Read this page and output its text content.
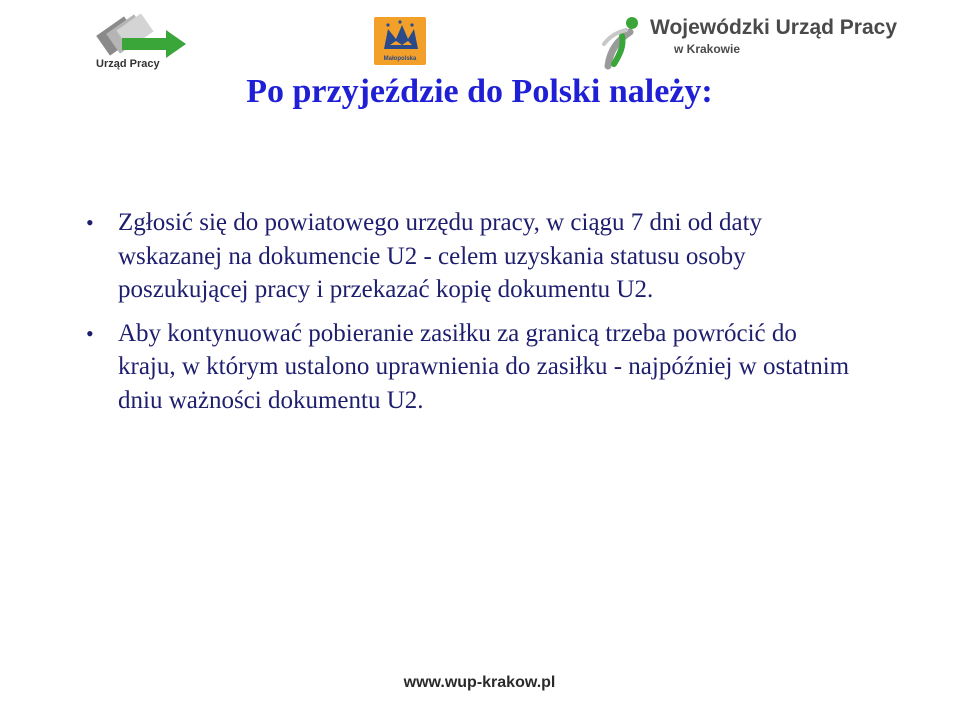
Urząd Pracy	Małopolska
Wojewódzki Urząd Pracy
w Krakowie
Po przyjeździe do Polski należy:
• Zgłosić się do powiatowego urzędu pracy, w ciągu 7 dni od daty wskazanej na dokumencie U2 - celem uzyskania statusu osoby poszukującej pracy i przekazać kopię dokumentu U2.
• Aby kontynuować pobieranie zasiłku za granicą trzeba powrócić do kraju, w którym ustalono uprawnienia do zasiłku - najpóźniej w ostatnim dniu ważności dokumentu U2.
www.wup-krakow.pl
